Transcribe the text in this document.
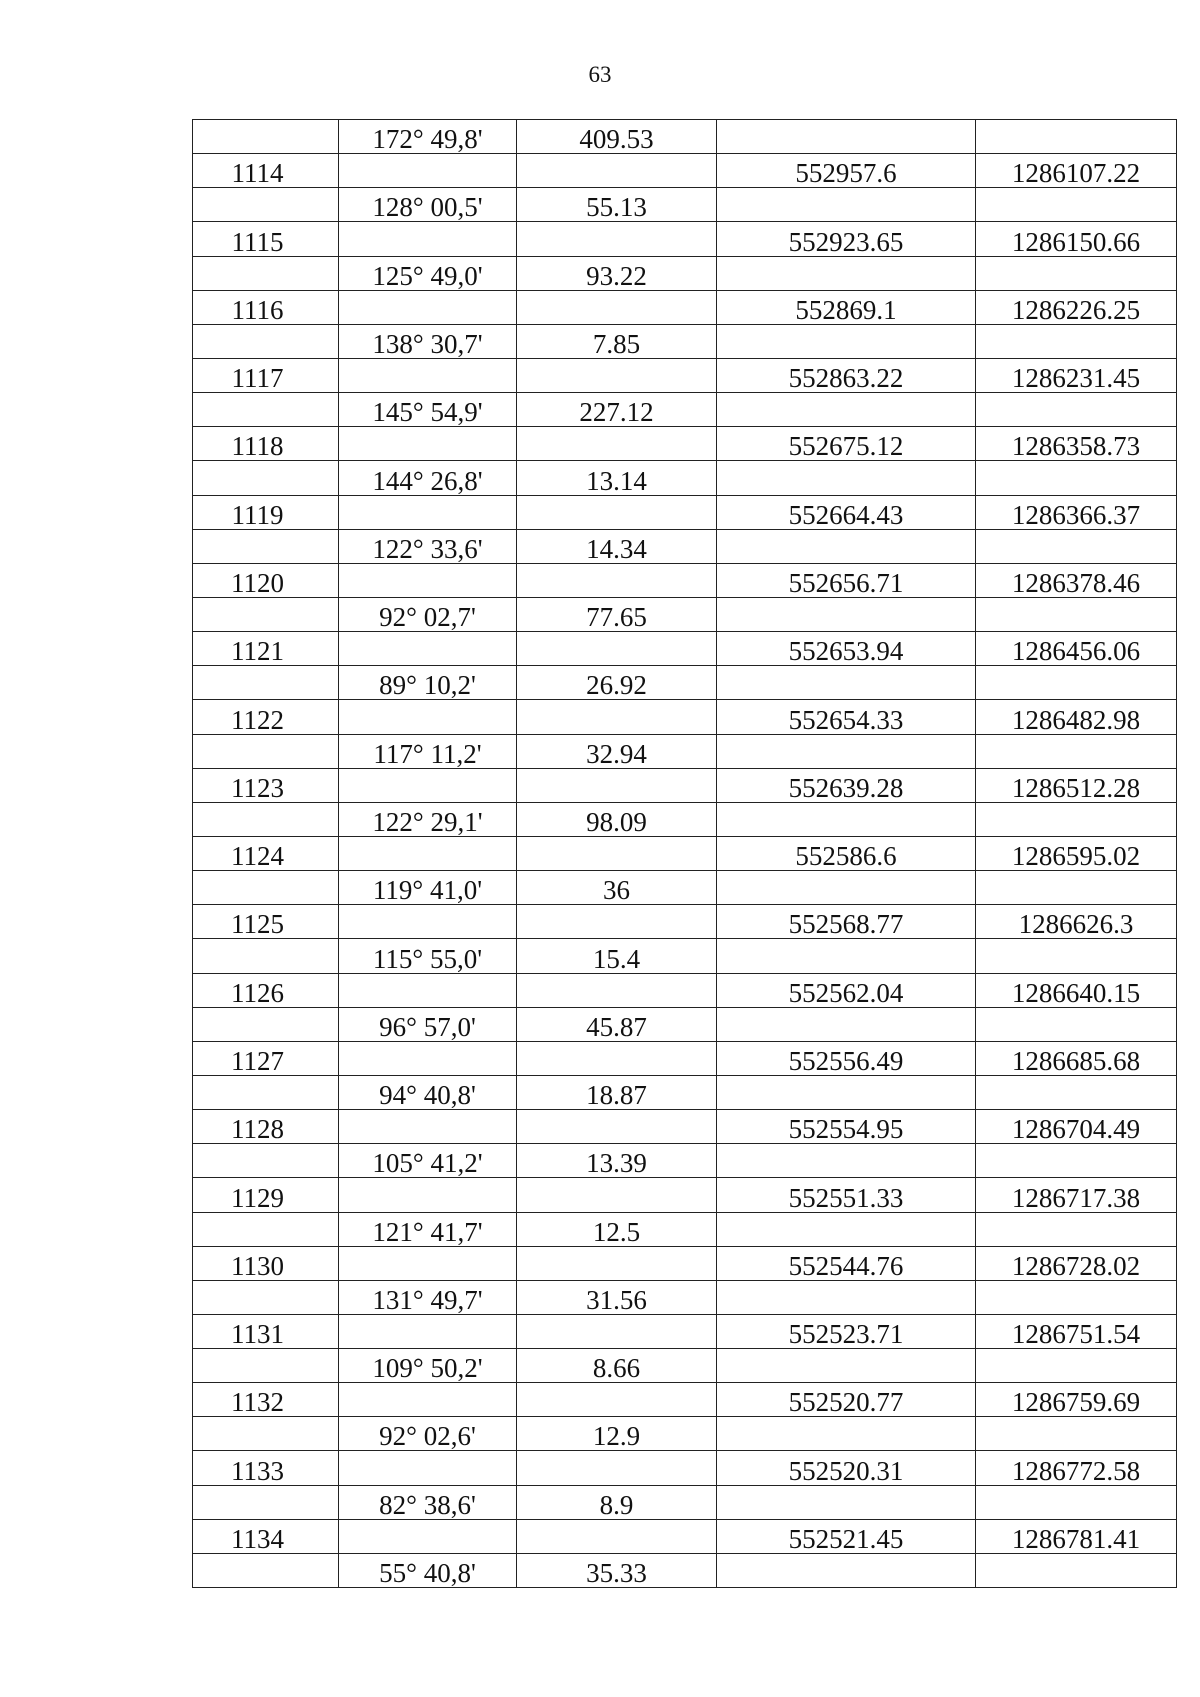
63
	172° 49,8'	409.53		
1114			552957.6	1286107.22
	128° 00,5'	55.13		
1115			552923.65	1286150.66
	125° 49,0'	93.22		
1116			552869.1	1286226.25
	138° 30,7'	7.85		
1117			552863.22	1286231.45
	145° 54,9'	227.12		
1118			552675.12	1286358.73
	144° 26,8'	13.14		
1119			552664.43	1286366.37
	122° 33,6'	14.34		
1120			552656.71	1286378.46
	92° 02,7'	77.65		
1121			552653.94	1286456.06
	89° 10,2'	26.92		
1122			552654.33	1286482.98
	117° 11,2'	32.94		
1123			552639.28	1286512.28
	122° 29,1'	98.09		
1124			552586.6	1286595.02
	119° 41,0'	36		
1125			552568.77	1286626.3
	115° 55,0'	15.4		
1126			552562.04	1286640.15
	96° 57,0'	45.87		
1127			552556.49	1286685.68
	94° 40,8'	18.87		
1128			552554.95	1286704.49
	105° 41,2'	13.39		
1129			552551.33	1286717.38
	121° 41,7'	12.5		
1130			552544.76	1286728.02
	131° 49,7'	31.56		
1131			552523.71	1286751.54
	109° 50,2'	8.66		
1132			552520.77	1286759.69
	92° 02,6'	12.9		
1133			552520.31	1286772.58
	82° 38,6'	8.9		
1134			552521.45	1286781.41
	55° 40,8'	35.33		
